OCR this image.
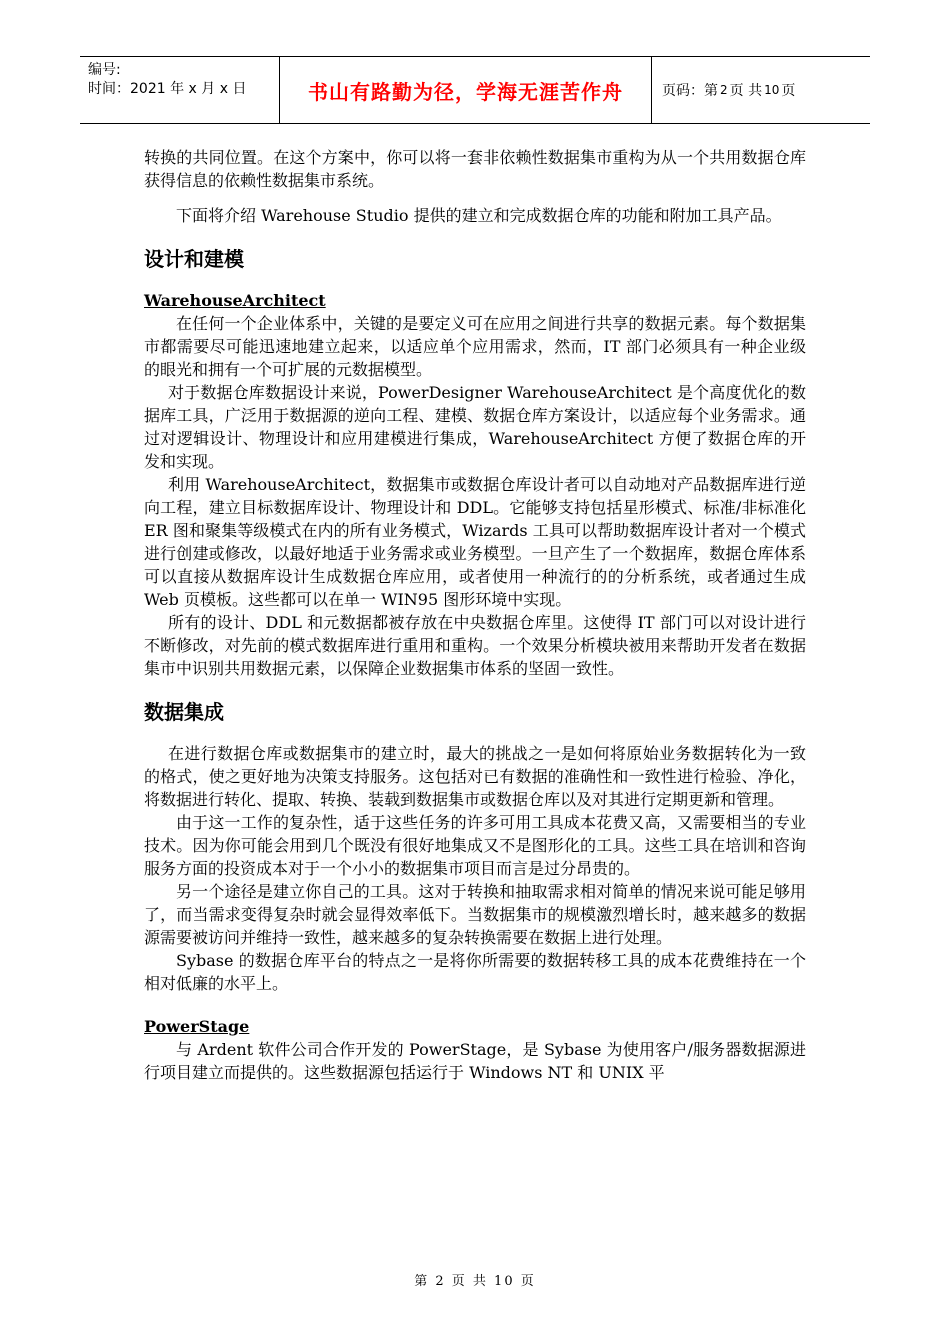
编号:
时间：2021 年 x 月 x 日	书山有路勤为径，学海无涯苦作舟	页码：第 2 页 共 10 页

转换的共同位置。在这个方案中，你可以将一套非依赖性数据集市重构为从一个共用数据仓库获得信息的依赖性数据集市系统。

下面将介绍 Warehouse Studio 提供的建立和完成数据仓库的功能和附加工具产品。

设计和建模
WarehouseArchitect

在任何一个企业体系中，关键的是要定义可在应用之间进行共享的数据元素。每个数据集市都需要尽可能迅速地建立起来，以适应单个应用需求，然而，IT 部门必须具有一种企业级的眼光和拥有一个可扩展的元数据模型。

对于数据仓库数据设计来说，PowerDesigner WarehouseArchitect 是个高度优化的数据库工具，广泛用于数据源的逆向工程、建模、数据仓库方案设计，以适应每个业务需求。通过对逻辑设计、物理设计和应用建模进行集成，WarehouseArchitect 方便了数据仓库的开发和实现。

利用 WarehouseArchitect，数据集市或数据仓库设计者可以自动地对产品数据库进行逆向工程，建立目标数据库设计、物理设计和 DDL。它能够支持包括星形模式、标准/非标准化 ER 图和聚集等级模式在内的所有业务模式，Wizards 工具可以帮助数据库设计者对一个模式进行创建或修改，以最好地适于业务需求或业务模型。一旦产生了一个数据库，数据仓库体系可以直接从数据库设计生成数据仓库应用，或者使用一种流行的的分析系统，或者通过生成 Web 页模板。这些都可以在单一 WIN95 图形环境中实现。

所有的设计、DDL 和元数据都被存放在中央数据仓库里。这使得 IT 部门可以对设计进行不断修改，对先前的模式数据库进行重用和重构。一个效果分析模块被用来帮助开发者在数据集市中识别共用数据元素，以保障企业数据集市体系的坚固一致性。

数据集成

在进行数据仓库或数据集市的建立时，最大的挑战之一是如何将原始业务数据转化为一致的格式，使之更好地为决策支持服务。这包括对已有数据的准确性和一致性进行检验、净化，将数据进行转化、提取、转换、装载到数据集市或数据仓库以及对其进行定期更新和管理。

由于这一工作的复杂性，适于这些任务的许多可用工具成本花费又高，又需要相当的专业技术。因为你可能会用到几个既没有很好地集成又不是图形化的工具。这些工具在培训和咨询服务方面的投资成本对于一个小小的数据集市项目而言是过分昂贵的。

另一个途径是建立你自己的工具。这对于转换和抽取需求相对简单的情况来说可能足够用了，而当需求变得复杂时就会显得效率低下。当数据集市的规模激烈增长时，越来越多的数据源需要被访问并维持一致性，越来越多的复杂转换需要在数据上进行处理。

Sybase 的数据仓库平台的特点之一是将你所需要的数据转移工具的成本花费维持在一个相对低廉的水平上。

PowerStage

与 Ardent 软件公司合作开发的 PowerStage，是 Sybase 为使用客户/服务器数据源进行项目建立而提供的。这些数据源包括运行于 Windows NT 和 UNIX 平

第 2 页 共 10 页
